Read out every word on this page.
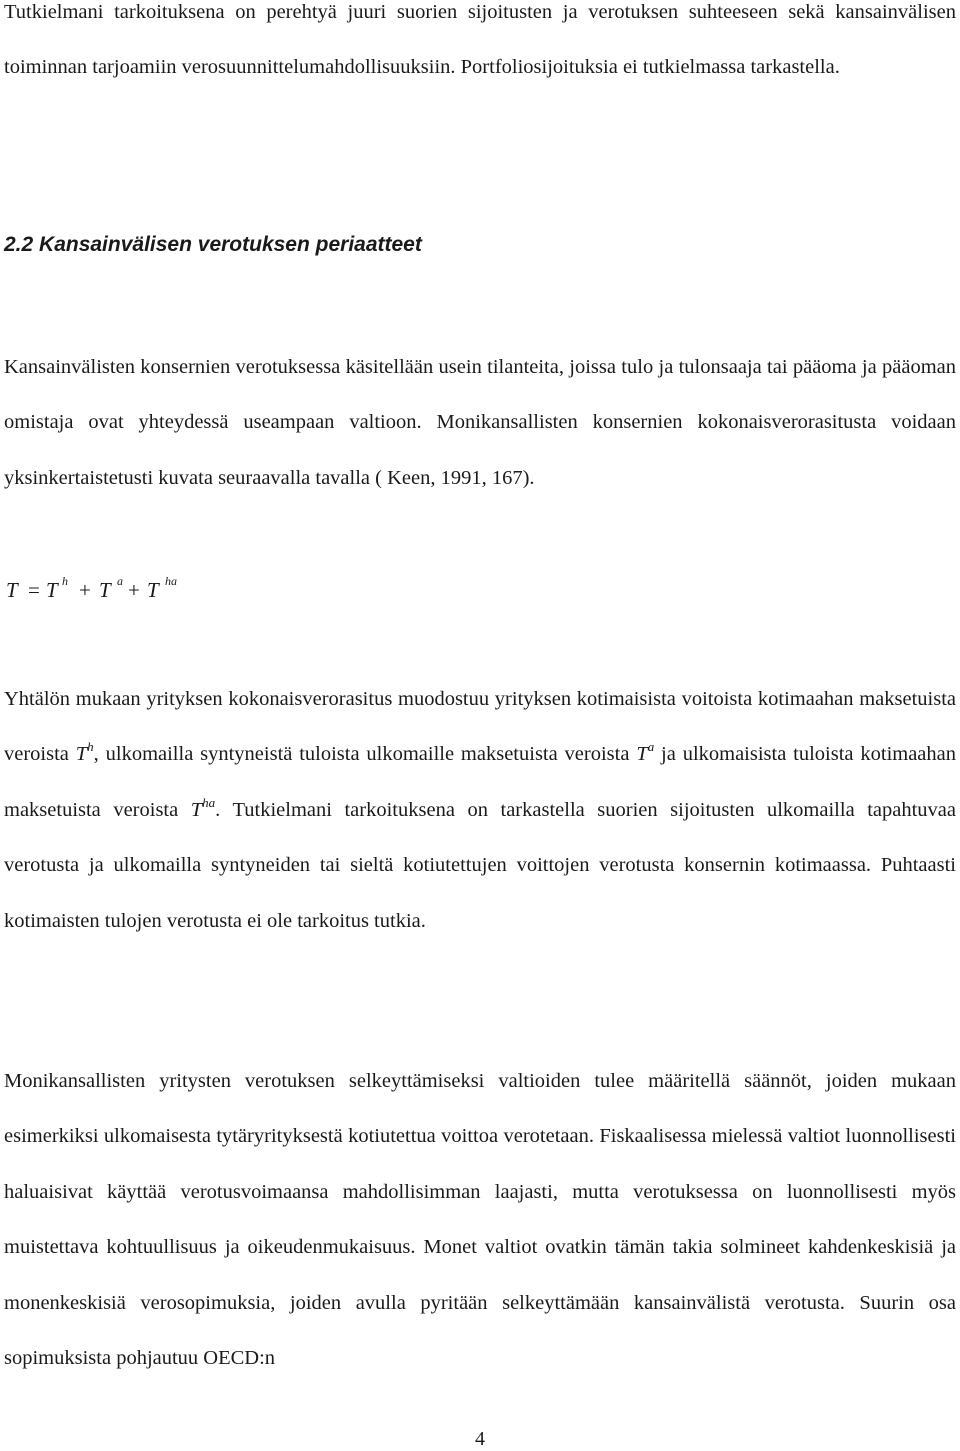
Tutkielmani tarkoituksena on perehtyä juuri suorien sijoitusten ja verotuksen suhteeseen sekä kansainvälisen toiminnan tarjoamiin verosuunnittelumahdollisuuksiin. Portfoliosijoituksia ei tutkielmassa tarkastella.

2.2 Kansainvälisen verotuksen periaatteet

Kansainvälisten konsernien verotuksessa käsitellään usein tilanteita, joissa tulo ja tulonsaaja tai pääoma ja pääoman omistaja ovat yhteydessä useampaan valtioon. Monikansallisten konsernien kokonaisverorasitusta voidaan yksinkertaistetusti kuvata seuraavalla tavalla ( Keen, 1991, 167).

T = T h + T a + T ha

Yhtälön mukaan yrityksen kokonaisverorasitus muodostuu yrityksen kotimaisista voitoista kotimaahan maksetuista veroista $T^h$, ulkomailla syntyneistä tuloista ulkomaille maksetuista veroista $T^a$ ja ulkomaisista tuloista kotimaahan maksetuista veroista $T^{ha}$. Tutkielmani tarkoituksena on tarkastella suorien sijoitusten ulkomailla tapahtuvaa verotusta ja ulkomailla syntyneiden tai sieltä kotiutettujen voittojen verotusta konsernin kotimaassa. Puhtaasti kotimaisten tulojen verotusta ei ole tarkoitus tutkia.

Monikansallisten yritysten verotuksen selkeyttämiseksi valtioiden tulee määritellä säännöt, joiden mukaan esimerkiksi ulkomaisesta tytäryrityksestä kotiutettua voittoa verotetaan. Fiskaalisessa mielessä valtiot luonnollisesti haluaisivat käyttää verotusvoimaansa mahdollisimman laajasti, mutta verotuksessa on luonnollisesti myös muistettava kohtuullisuus ja oikeudenmukaisuus. Monet valtiot ovatkin tämän takia solmineet kahdenkeskisiä ja monenkeskisiä verosopimuksia, joiden avulla pyritään selkeyttämään kansainvälistä verotusta. Suurin osa sopimuksista pohjautuu OECD:n

4
